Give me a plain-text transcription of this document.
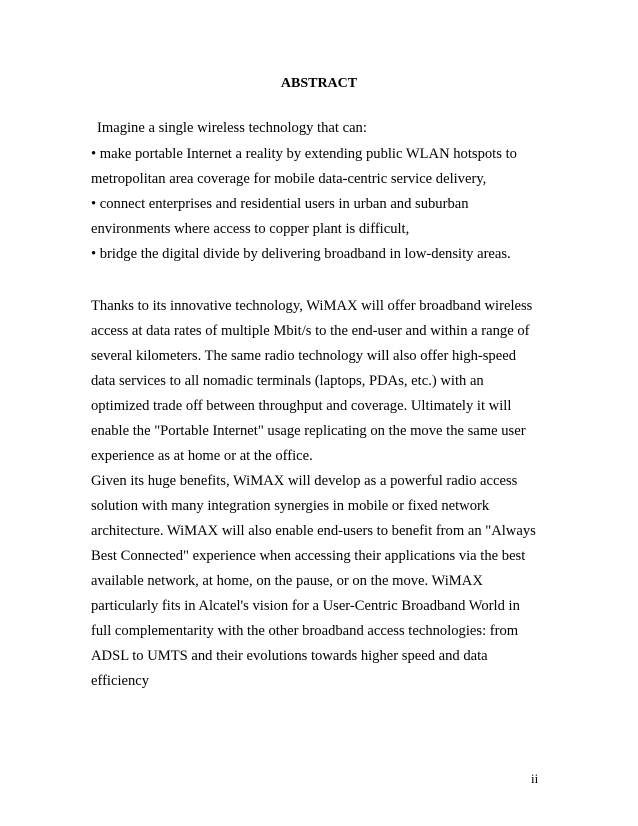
ABSTRACT
Imagine a single wireless technology that can:
• make portable Internet a reality by extending public WLAN hotspots to
metropolitan area coverage for mobile data-centric service delivery,
• connect enterprises and residential users in urban and suburban
environments where access to copper plant is difficult,
• bridge the digital divide by delivering broadband in low-density areas.
Thanks to its innovative technology, WiMAX will offer broadband wireless
access at data rates of multiple Mbit/s to the end-user and within a range of
several kilometers. The same radio technology will also offer high-speed
data services to all nomadic terminals (laptops, PDAs, etc.) with an
optimized trade off between throughput and coverage. Ultimately it will
enable the "Portable Internet" usage replicating on the move the same user
experience as at home or at the office.
Given its huge benefits, WiMAX will develop as a powerful radio access
solution with many integration synergies in mobile or fixed network
architecture. WiMAX will also enable end-users to benefit from an "Always
Best Connected" experience when accessing their applications via the best
available network, at home, on the pause, or on the move. WiMAX
particularly fits in Alcatel's vision for a User-Centric Broadband World in
full complementarity with the other broadband access technologies: from
ADSL to UMTS and their evolutions towards higher speed and data
efficiency
ii
